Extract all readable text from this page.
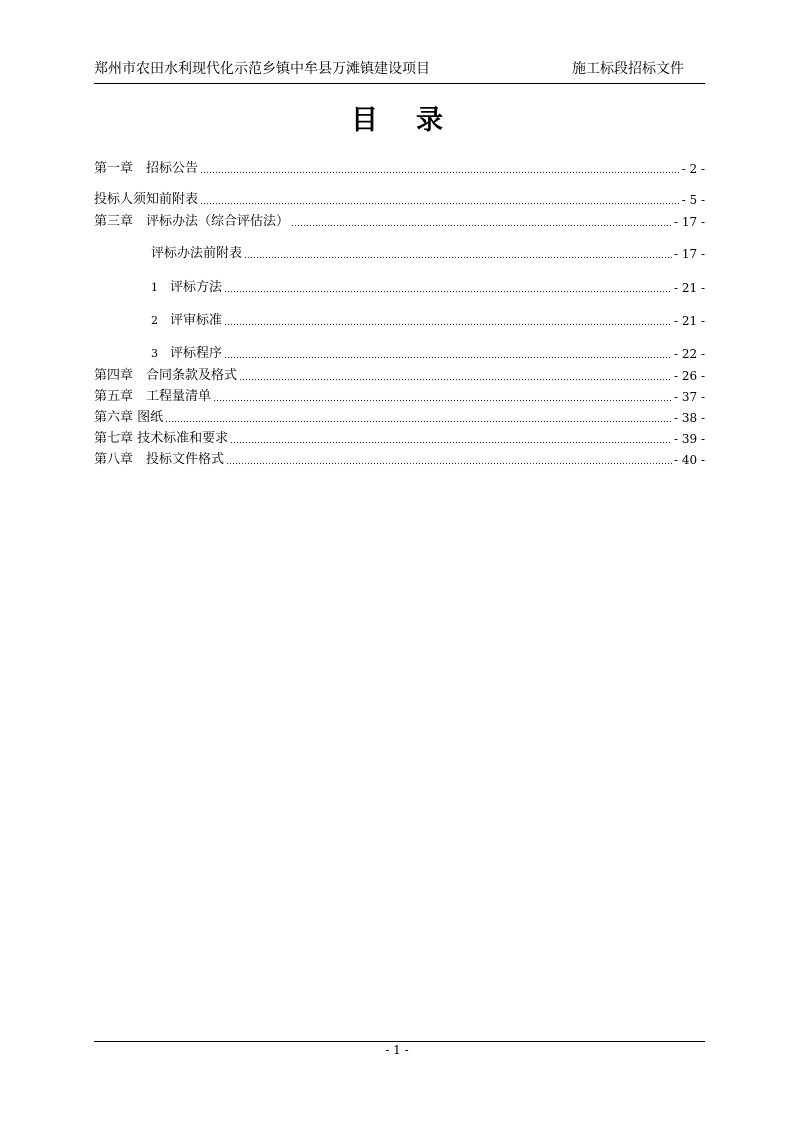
郑州市农田水利现代化示范乡镇中牟县万滩镇建设项目	施工标段招标文件
目录
第一章　招标公告	- 2 -
投标人须知前附表	- 5 -
第三章　评标办法（综合评估法）	- 17 -
评标办法前附表	- 17 -
1 评标方法	- 21 -
2 评审标准	- 21 -
3 评标程序	- 22 -
第四章　合同条款及格式	- 26 -
第五章　工程量清单	- 37 -
第六章 图纸	- 38 -
第七章 技术标准和要求	- 39 -
第八章　投标文件格式	- 40 -
- 1 -
